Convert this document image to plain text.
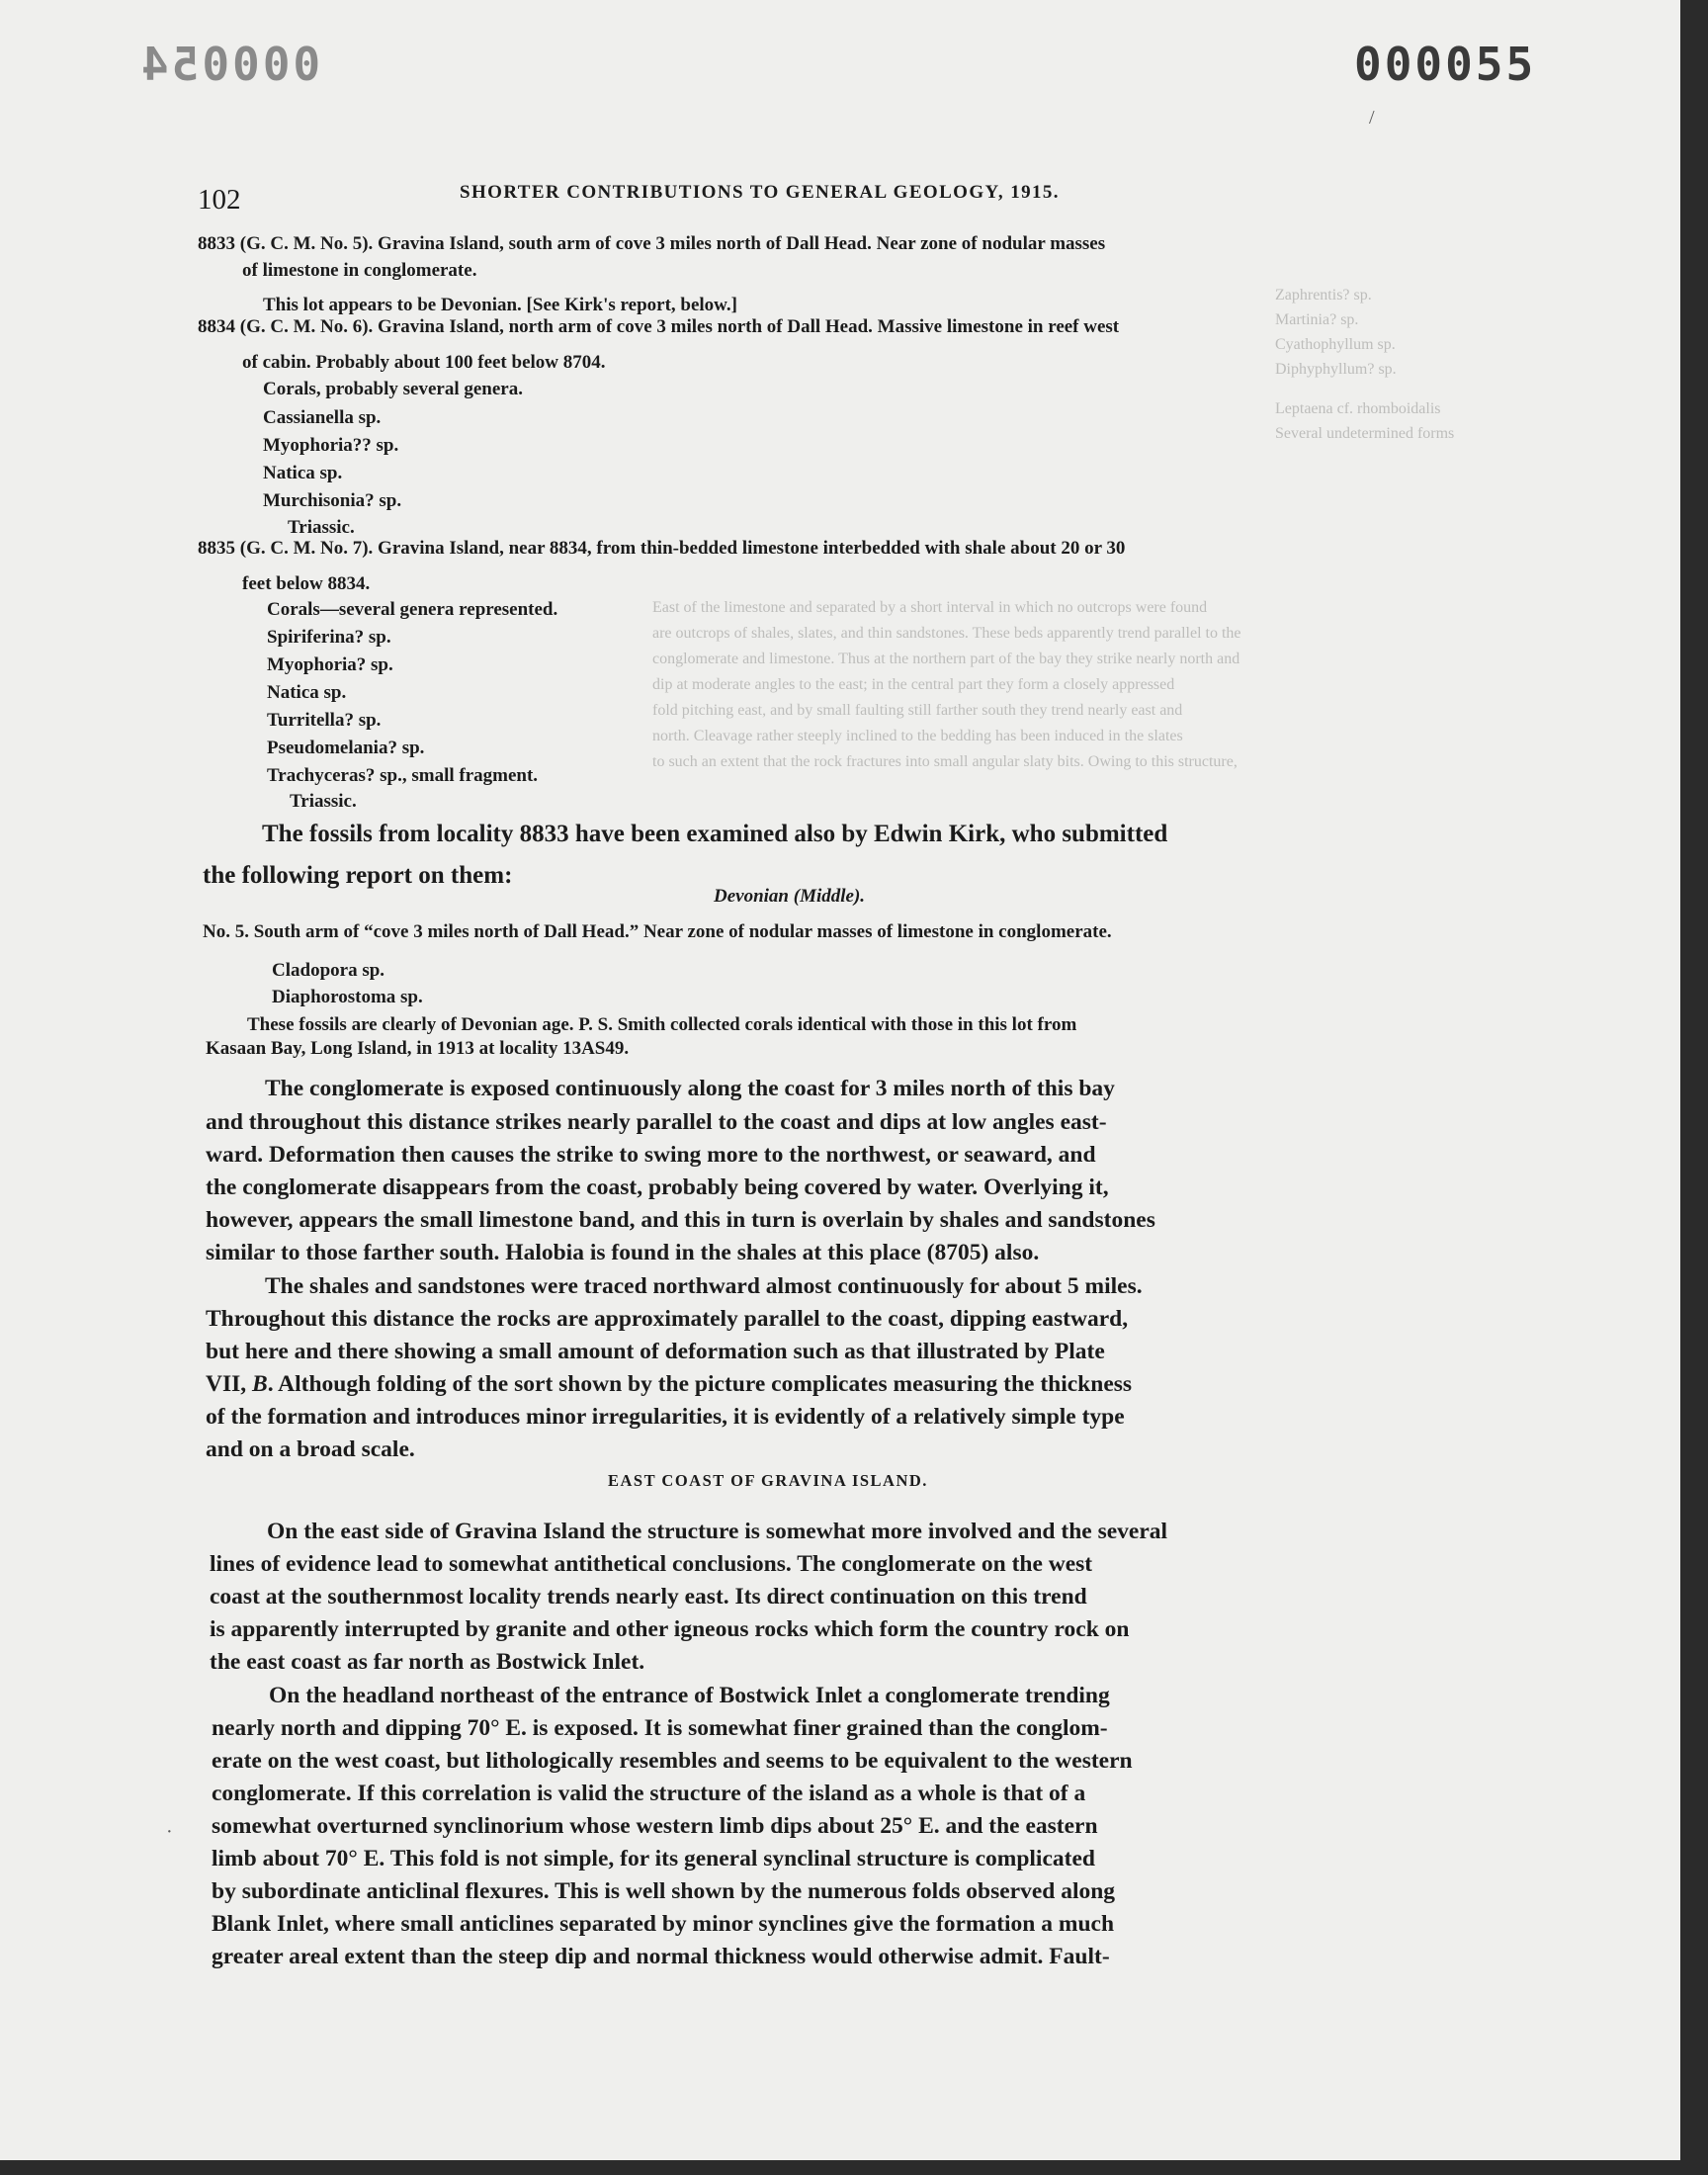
000054	000055
Zaphrentis? sp.
Martinia? sp.
Cyathophyllum sp.
Diphyphyllum? sp.
Leptaena cf. rhomboidalis
Several undetermined forms
East of the limestone and separated by a short interval in which no outcrops were found
are outcrops of shales, slates, and thin sandstones. These beds apparently trend parallel to the
conglomerate and limestone. Thus at the northern part of the bay they strike nearly north and
dip at moderate angles to the east; in the central part they form a closely appressed
fold pitching east, and by small faulting still farther south they trend nearly east and
north. Cleavage rather steeply inclined to the bedding has been induced in the slates
to such an extent that the rock fractures into small angular slaty bits. Owing to this structure,
102	SHORTER CONTRIBUTIONS TO GENERAL GEOLOGY, 1915.
8833 (G. C. M. No. 5). Gravina Island, south arm of cove 3 miles north of Dall Head. Near zone of nodular masses
of limestone in conglomerate.
This lot appears to be Devonian. [See Kirk's report, below.]
8834 (G. C. M. No. 6). Gravina Island, north arm of cove 3 miles north of Dall Head. Massive limestone in reef west
of cabin. Probably about 100 feet below 8704.
Corals, probably several genera.
Cassianella sp.
Myophoria?? sp.
Natica sp.
Murchisonia? sp.
Triassic.
8835 (G. C. M. No. 7). Gravina Island, near 8834, from thin-bedded limestone interbedded with shale about 20 or 30
feet below 8834.
Corals—several genera represented.
Spiriferina? sp.
Myophoria? sp.
Natica sp.
Turritella? sp.
Pseudomelania? sp.
Trachyceras? sp., small fragment.
Triassic.
The fossils from locality 8833 have been examined also by Edwin Kirk, who submitted
the following report on them:
Devonian (Middle).
No. 5. South arm of “cove 3 miles north of Dall Head.” Near zone of nodular masses of limestone in conglomerate.
Cladopora sp.
Diaphorostoma sp.
These fossils are clearly of Devonian age. P. S. Smith collected corals identical with those in this lot from
Kasaan Bay, Long Island, in 1913 at locality 13AS49.
The conglomerate is exposed continuously along the coast for 3 miles north of this bay
and throughout this distance strikes nearly parallel to the coast and dips at low angles east-
ward. Deformation then causes the strike to swing more to the northwest, or seaward, and
the conglomerate disappears from the coast, probably being covered by water. Overlying it,
however, appears the small limestone band, and this in turn is overlain by shales and sandstones
similar to those farther south. Halobia is found in the shales at this place (8705) also.
The shales and sandstones were traced northward almost continuously for about 5 miles.
Throughout this distance the rocks are approximately parallel to the coast, dipping eastward,
but here and there showing a small amount of deformation such as that illustrated by Plate
VII, B. Although folding of the sort shown by the picture complicates measuring the thickness
of the formation and introduces minor irregularities, it is evidently of a relatively simple type
and on a broad scale.
EAST COAST OF GRAVINA ISLAND.
On the east side of Gravina Island the structure is somewhat more involved and the several
lines of evidence lead to somewhat antithetical conclusions. The conglomerate on the west
coast at the southernmost locality trends nearly east. Its direct continuation on this trend
is apparently interrupted by granite and other igneous rocks which form the country rock on
the east coast as far north as Bostwick Inlet.
On the headland northeast of the entrance of Bostwick Inlet a conglomerate trending
nearly north and dipping 70° E. is exposed. It is somewhat finer grained than the conglom-
erate on the west coast, but lithologically resembles and seems to be equivalent to the western
conglomerate. If this correlation is valid the structure of the island as a whole is that of a
somewhat overturned synclinorium whose western limb dips about 25° E. and the eastern
limb about 70° E. This fold is not simple, for its general synclinal structure is complicated
by subordinate anticlinal flexures. This is well shown by the numerous folds observed along
Blank Inlet, where small anticlines separated by minor synclines give the formation a much
greater areal extent than the steep dip and normal thickness would otherwise admit. Fault-
·
/
